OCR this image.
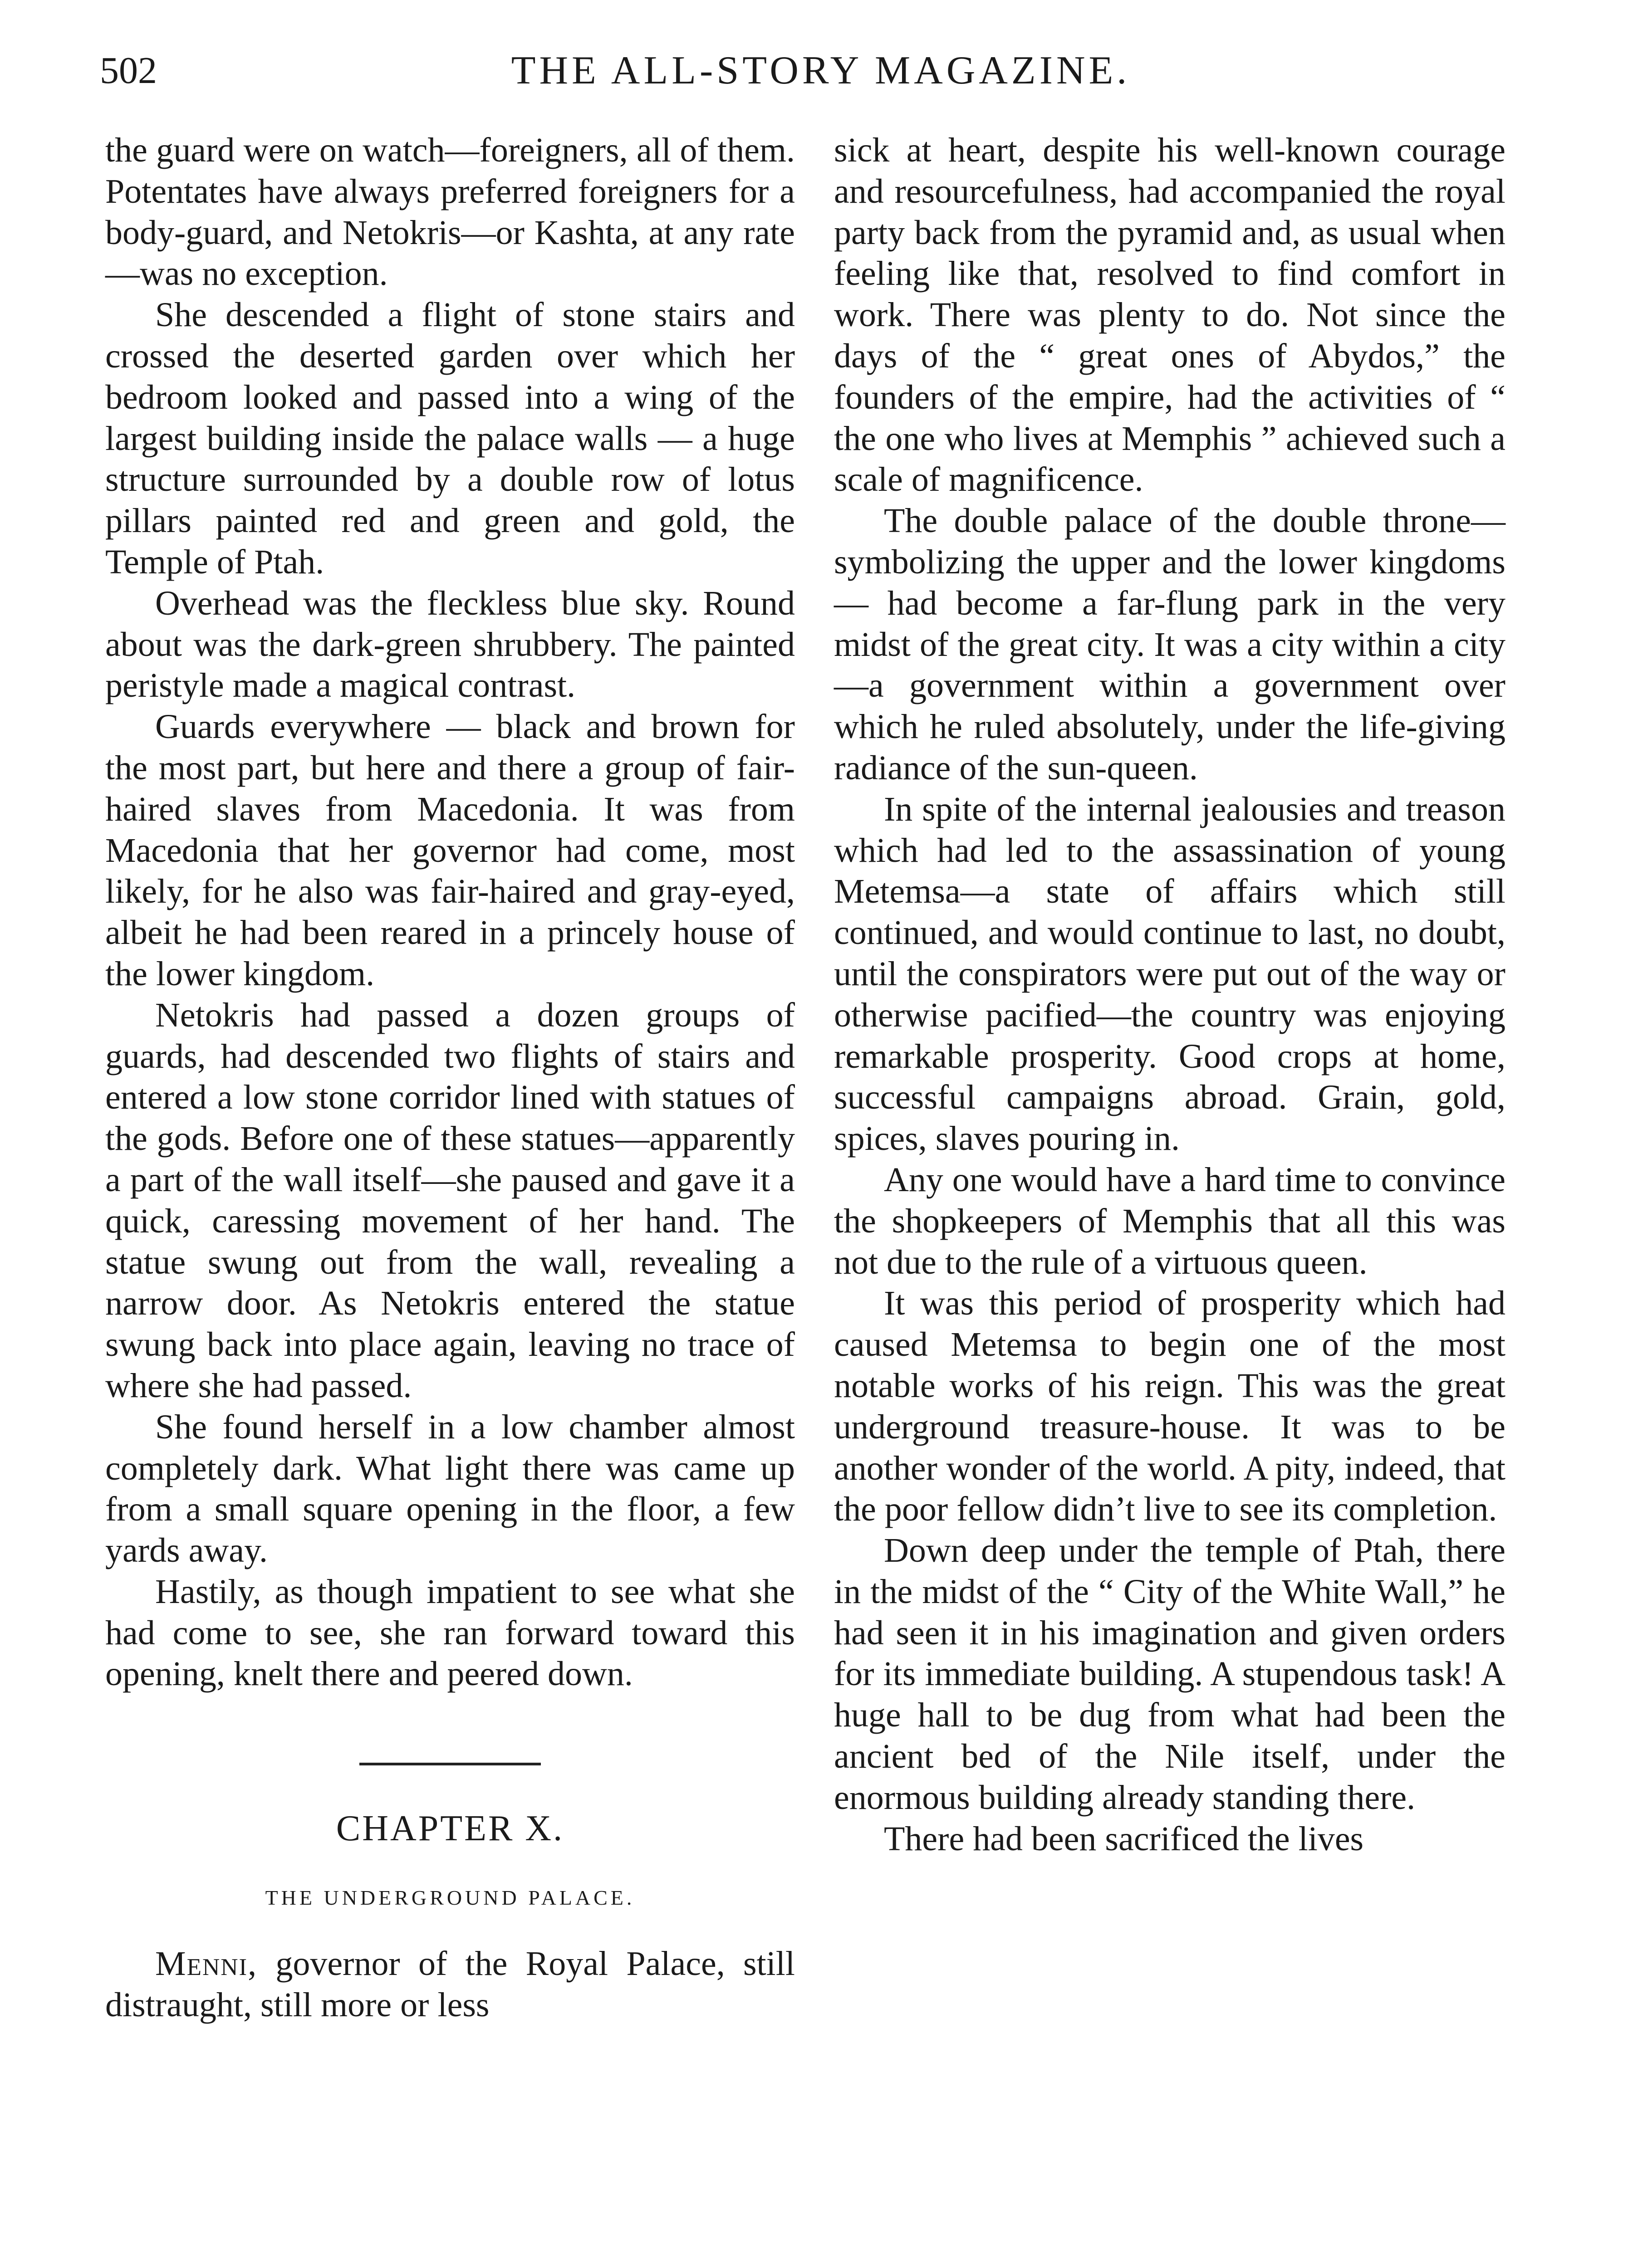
502	THE ALL-STORY MAGAZINE.

the guard were on watch—foreigners, all of them. Potentates have always preferred foreigners for a body-guard, and Netokris—or Kashta, at any rate —was no exception.

She descended a flight of stone stairs and crossed the deserted garden over which her bedroom looked and passed into a wing of the largest building inside the palace walls — a huge structure surrounded by a double row of lotus pillars painted red and green and gold, the Temple of Ptah.

Overhead was the fleckless blue sky. Round about was the dark-green shrubbery. The painted peristyle made a magical contrast.

Guards everywhere — black and brown for the most part, but here and there a group of fair-haired slaves from Macedonia. It was from Macedonia that her governor had come, most likely, for he also was fair-haired and gray-eyed, albeit he had been reared in a princely house of the lower kingdom.

Netokris had passed a dozen groups of guards, had descended two flights of stairs and entered a low stone corridor lined with statues of the gods. Before one of these statues—apparently a part of the wall itself—she paused and gave it a quick, caressing movement of her hand. The statue swung out from the wall, revealing a narrow door. As Netokris entered the statue swung back into place again, leaving no trace of where she had passed.

She found herself in a low chamber almost completely dark. What light there was came up from a small square opening in the floor, a few yards away.

Hastily, as though impatient to see what she had come to see, she ran forward toward this opening, knelt there and peered down.

CHAPTER X.
THE UNDERGROUND PALACE.

Menni, governor of the Royal Palace, still distraught, still more or less

sick at heart, despite his well-known courage and resourcefulness, had accompanied the royal party back from the pyramid and, as usual when feeling like that, resolved to find comfort in work. There was plenty to do. Not since the days of the “ great ones of Abydos,” the founders of the empire, had the activities of “ the one who lives at Memphis ” achieved such a scale of magnificence.

The double palace of the double throne—symbolizing the upper and the lower kingdoms — had become a far-flung park in the very midst of the great city. It was a city within a city —a government within a government over which he ruled absolutely, under the life-giving radiance of the sun-queen.

In spite of the internal jealousies and treason which had led to the assassination of young Metemsa—a state of affairs which still continued, and would continue to last, no doubt, until the conspirators were put out of the way or otherwise pacified—the country was enjoying remarkable prosperity. Good crops at home, successful campaigns abroad. Grain, gold, spices, slaves pouring in.

Any one would have a hard time to convince the shopkeepers of Memphis that all this was not due to the rule of a virtuous queen.

It was this period of prosperity which had caused Metemsa to begin one of the most notable works of his reign. This was the great underground treasure-house. It was to be another wonder of the world. A pity, indeed, that the poor fellow didn’t live to see its completion.

Down deep under the temple of Ptah, there in the midst of the “ City of the White Wall,” he had seen it in his imagination and given orders for its immediate building. A stupendous task! A huge hall to be dug from what had been the ancient bed of the Nile itself, under the enormous building already standing there.

There had been sacrificed the lives
